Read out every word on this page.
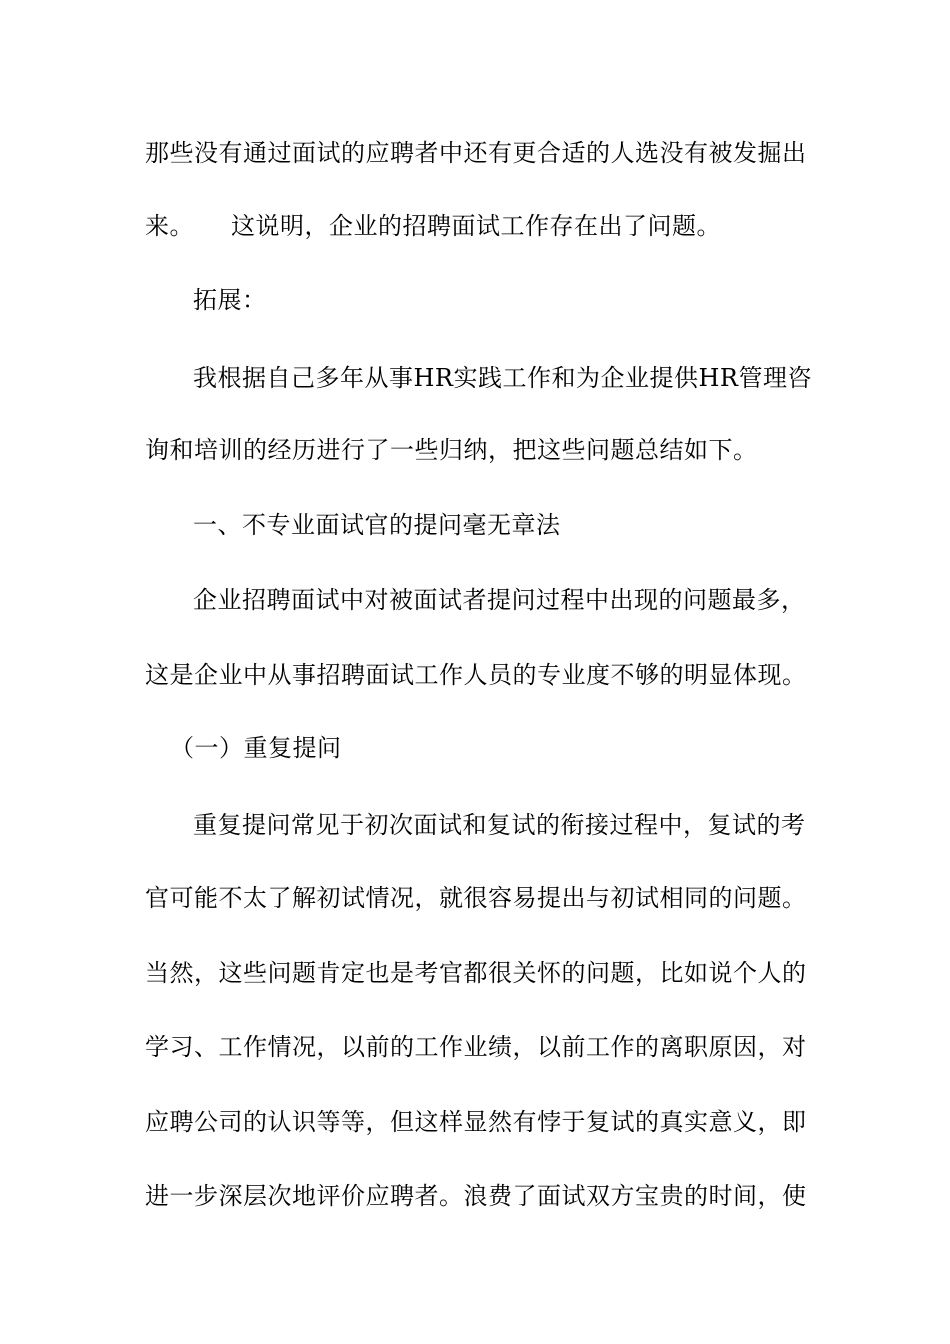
那些没有通过面试的应聘者中还有更合适的人选没有被发掘出
来。　　这说明，企业的招聘面试工作存在出了问题。
拓展：
我根据自己多年从事HR实践工作和为企业提供HR管理咨
询和培训的经历进行了一些归纳，把这些问题总结如下。
一、不专业面试官的提问毫无章法
企业招聘面试中对被面试者提问过程中出现的问题最多，
这是企业中从事招聘面试工作人员的专业度不够的明显体现。
（一）重复提问
重复提问常见于初次面试和复试的衔接过程中，复试的考
官可能不太了解初试情况，就很容易提出与初试相同的问题。
当然，这些问题肯定也是考官都很关怀的问题，比如说个人的
学习、工作情况，以前的工作业绩，以前工作的离职原因，对
应聘公司的认识等等，但这样显然有悖于复试的真实意义，即
进一步深层次地评价应聘者。浪费了面试双方宝贵的时间，使
